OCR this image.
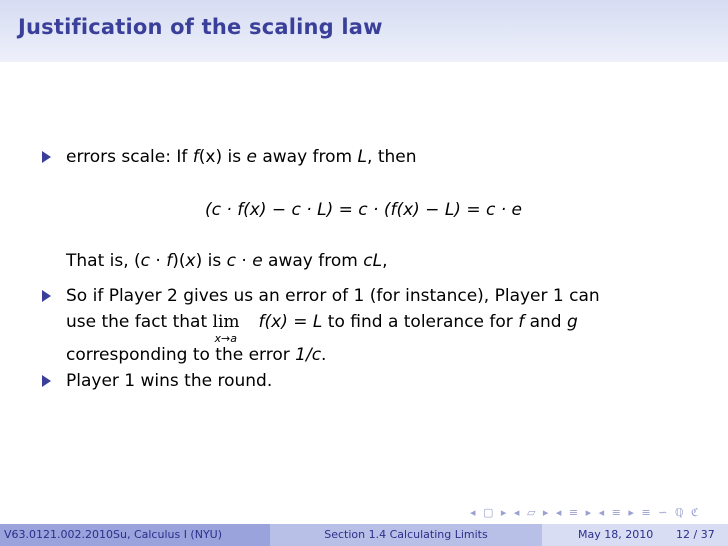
Justification of the scaling law
errors scale: If f(x) is e away from L, then
(c · f(x) − c · L) = c · (f(x) − L) = c · e
That is, (c · f)(x) is c · e away from cL,
So if Player 2 gives us an error of 1 (for instance), Player 1 can
use the fact that lim
x→a
f(x) = L to find a tolerance for f and g
corresponding to the error 1/c.
Player 1 wins the round.
◂ ▢ ▸ ◂ ▱ ▸ ◂ ≡ ▸ ◂ ≡ ▸ ≡ ∽ ℚ ℭ
V63.0121.002.2010Su, Calculus I (NYU)	Section 1.4 Calculating Limits	May 18, 2010 12 / 37
